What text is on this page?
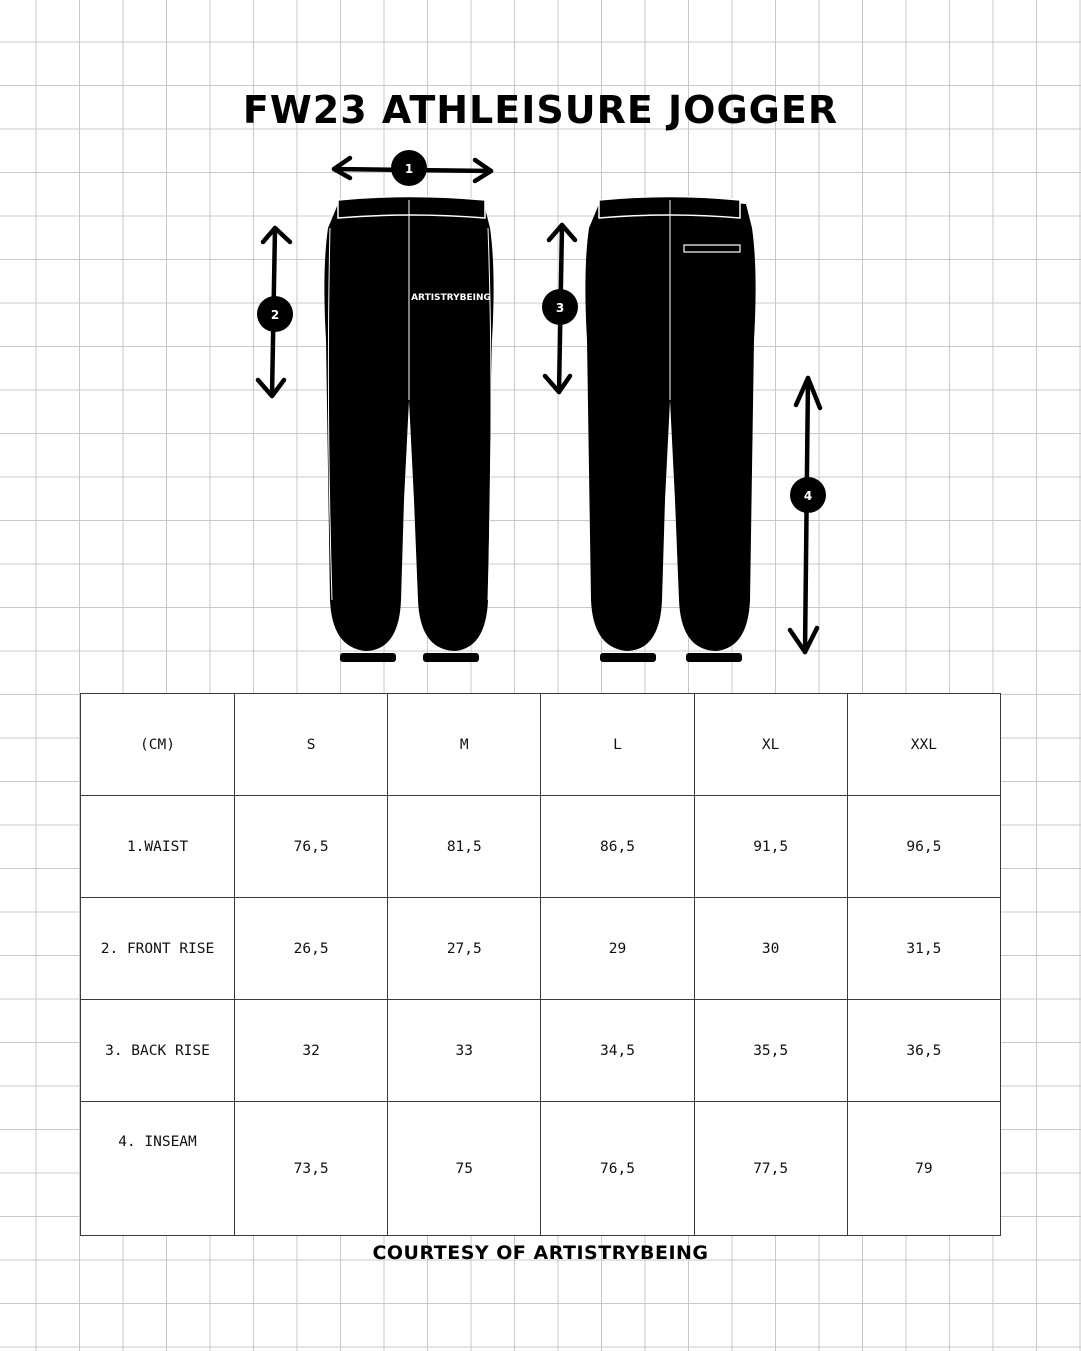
FW23 ATHLEISURE JOGGER
ARTISTRYBEING
1
2	3
4
(CM)	S	M	L	XL	XXL
1.WAIST	76,5	81,5	86,5	91,5	96,5
2. FRONT RISE	26,5	27,5	29	30	31,5
3. BACK RISE	32	33	34,5	35,5	36,5
4. INSEAM	73,5	75	76,5	77,5	79

COURTESY OF ARTISTRYBEING
